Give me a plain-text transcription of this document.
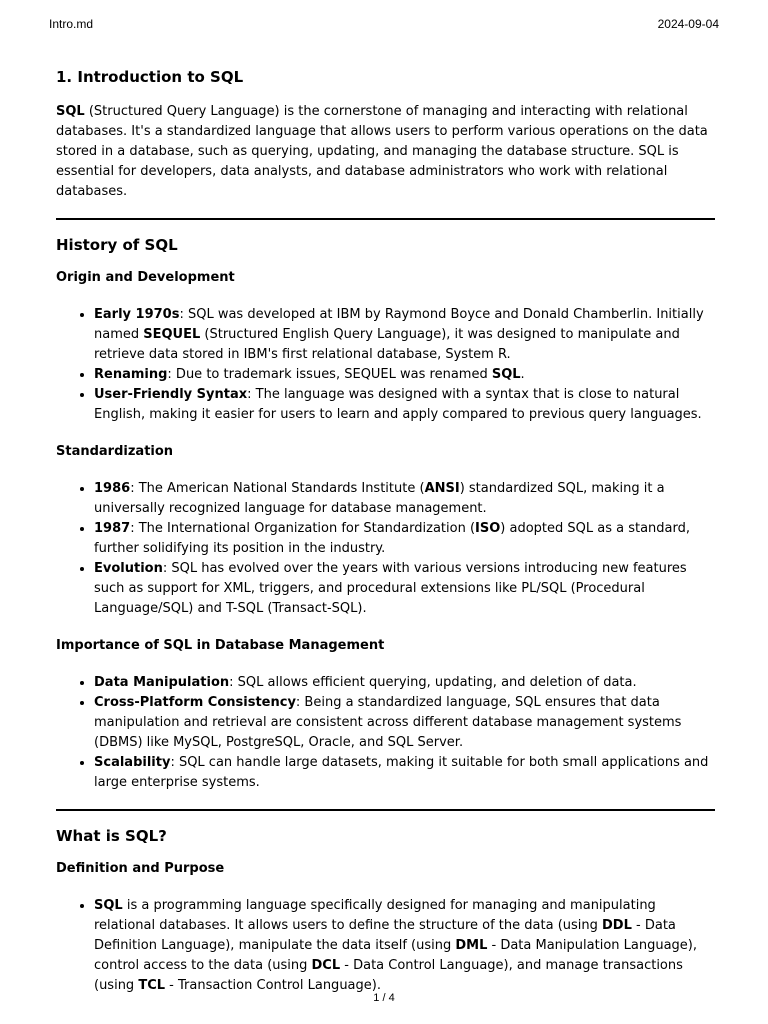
Intro.md	2024-09-04
1. Introduction to SQL

SQL (Structured Query Language) is the cornerstone of managing and interacting with relational databases. It's a standardized language that allows users to perform various operations on the data stored in a database, such as querying, updating, and managing the database structure. SQL is essential for developers, data analysts, and database administrators who work with relational databases.

History of SQL
Origin and Development
• Early 1970s: SQL was developed at IBM by Raymond Boyce and Donald Chamberlin. Initially named SEQUEL (Structured English Query Language), it was designed to manipulate and retrieve data stored in IBM's first relational database, System R.
• Renaming: Due to trademark issues, SEQUEL was renamed SQL.
• User-Friendly Syntax: The language was designed with a syntax that is close to natural English, making it easier for users to learn and apply compared to previous query languages.
Standardization
• 1986: The American National Standards Institute (ANSI) standardized SQL, making it a universally recognized language for database management.
• 1987: The International Organization for Standardization (ISO) adopted SQL as a standard, further solidifying its position in the industry.
• Evolution: SQL has evolved over the years with various versions introducing new features such as support for XML, triggers, and procedural extensions like PL/SQL (Procedural Language/SQL) and T-SQL (Transact-SQL).
Importance of SQL in Database Management
• Data Manipulation: SQL allows efficient querying, updating, and deletion of data.
• Cross-Platform Consistency: Being a standardized language, SQL ensures that data manipulation and retrieval are consistent across different database management systems (DBMS) like MySQL, PostgreSQL, Oracle, and SQL Server.
• Scalability: SQL can handle large datasets, making it suitable for both small applications and large enterprise systems.
What is SQL?
Definition and Purpose
• SQL is a programming language specifically designed for managing and manipulating relational databases. It allows users to define the structure of the data (using DDL - Data Definition Language), manipulate the data itself (using DML - Data Manipulation Language), control access to the data (using DCL - Data Control Language), and manage transactions (using TCL - Transaction Control Language).
1 / 4
